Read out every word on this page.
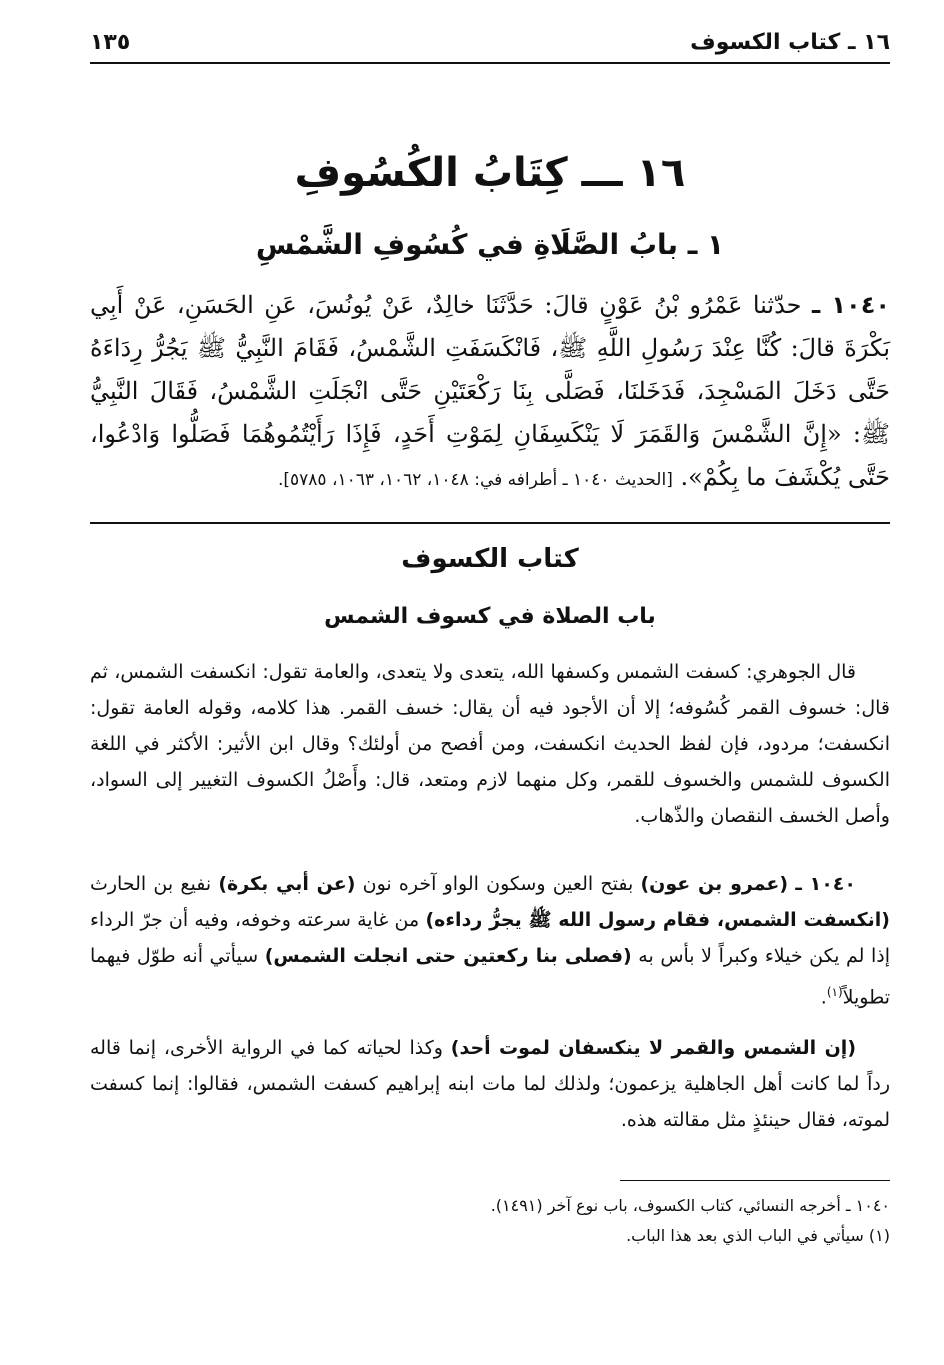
١٦ ـ كتاب الكسوف
١٣٥
١٦ ـــ كِتَابُ الكُسُوفِ
١ ـ بابُ الصَّلَاةِ في كُسُوفِ الشَّمْسِ
١٠٤٠ ـ حدّثنا عَمْرُو بْنُ عَوْنٍ قالَ: حَدَّثَنَا خالِدٌ، عَنْ يُونُسَ، عَنِ الحَسَنِ، عَنْ أَبِي بَكْرَةَ قالَ: كُنَّا عِنْدَ رَسُولِ اللَّهِ ﷺ، فَانْكَسَفَتِ الشَّمْسُ، فَقَامَ النَّبِيُّ ﷺ يَجُرُّ رِدَاءَهُ حَتَّى دَخَلَ المَسْجِدَ، فَدَخَلنَا، فَصَلَّى بِنَا رَكْعَتَيْنِ حَتَّى انْجَلَتِ الشَّمْسُ، فَقَالَ النَّبِيُّ ﷺ: «إِنَّ الشَّمْسَ وَالقَمَرَ لَا يَنْكَسِفَانِ لِمَوْتِ أَحَدٍ، فَإِذَا رَأَيْتُمُوهُمَا فَصَلُّوا وَادْعُوا، حَتَّى يُكْشَفَ ما بِكُمْ». [الحديث ١٠٤٠ ـ أطرافه في: ١٠٤٨، ١٠٦٢، ١٠٦٣، ٥٧٨٥].
كتاب الكسوف
باب الصلاة في كسوف الشمس
قال الجوهري: كسفت الشمس وكسفها الله، يتعدى ولا يتعدى، والعامة تقول: انكسفت الشمس، ثم قال: خسوف القمر كُسُوفه؛ إلا أن الأجود فيه أن يقال: خسف القمر. هذا كلامه، وقوله العامة تقول: انكسفت؛ مردود، فإن لفظ الحديث انكسفت، ومن أفصح من أولئك؟ وقال ابن الأثير: الأكثر في اللغة الكسوف للشمس والخسوف للقمر، وكل منهما لازم ومتعد، قال: وأَصْلُ الكسوف التغيير إلى السواد، وأصل الخسف النقصان والذّهاب.
١٠٤٠ ـ (عمرو بن عون) بفتح العين وسكون الواو آخره نون (عن أبي بكرة) نفيع بن الحارث (انكسفت الشمس، فقام رسول الله ﷺ يجرُّ رداءه) من غاية سرعته وخوفه، وفيه أن جرّ الرداء إذا لم يكن خيلاء وكبراً لا بأس به (فصلى بنا ركعتين حتى انجلت الشمس) سيأتي أنه طوّل فيهما تطويلاً$^{(١)}$.
(إن الشمس والقمر لا ينكسفان لموت أحد) وكذا لحياته كما في الرواية الأخرى، إنما قاله رداً لما كانت أهل الجاهلية يزعمون؛ ولذلك لما مات ابنه إبراهيم كسفت الشمس، فقالوا: إنما كسفت لموته، فقال حينئذٍ مثل مقالته هذه.
١٠٤٠ ـ أخرجه النسائي، كتاب الكسوف، باب نوع آخر (١٤٩١).
(١) سيأتي في الباب الذي بعد هذا الباب.
